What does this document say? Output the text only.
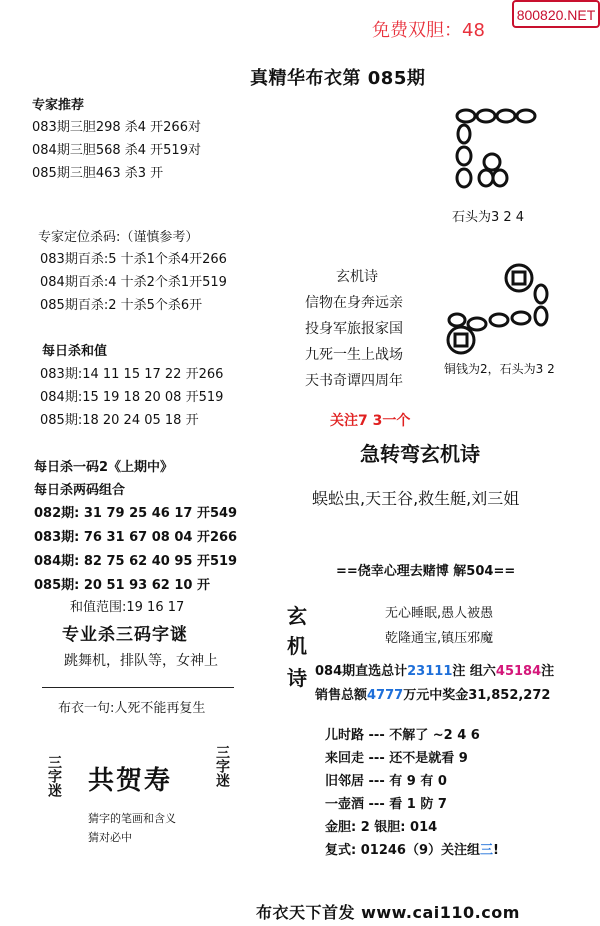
800820.NET
免费双胆：48
真精华布衣第 085期
专家推荐
083期三胆298 杀4 开266对
084期三胆568 杀4 开519对
085期三胆463 杀3 开
石头为3 2 4
专家定位杀码:（谨慎参考）
083期百杀:5 十杀1个杀4开266
084期百杀:4 十杀2个杀1开519
085期百杀:2 十杀5个杀6开
玄机诗
信物在身奔远亲
投身军旅报家国
九死一生上战场
天书奇谭四周年
铜钱为2，石头为3 2
每日杀和值
083期:14 11 15 17 22 开266
084期:15 19 18 20 08 开519
085期:18 20 24 05 18 开	关注7 3一个
急转弯玄机诗
蜈蚣虫,天王谷,救生艇,刘三姐
每日杀一码2《上期中》
每日杀两码组合
082期: 31 79 25 46 17 开549
083期: 76 31 67 08 04 开266
084期: 82 75 62 40 95 开519
085期: 20 51 93 62 10 开
和值范围:19 16 17
==侥幸心理去赌博 解504==
专业杀三码字谜
跳舞机，排队等，女神上
布衣一句:人死不能再复生
玄
机
诗
无心睡眠,愚人被愚
乾隆通宝,镇压邪魔
084期直选总计23111注 组六45184注
销售总额4777万元中奖金31,852,272
儿时路 --- 不解了 ~2 4 6
来回走 --- 还不是就看 9
旧邻居 --- 有 9 有 0
一壶酒 --- 看 1 防 7
金胆: 2 银胆: 014
复式: 01246（9）关注组三!
三字迷 共贺寿	三字迷
猜字的笔画和含义
猜对必中
布衣天下首发 www.cai110.com
